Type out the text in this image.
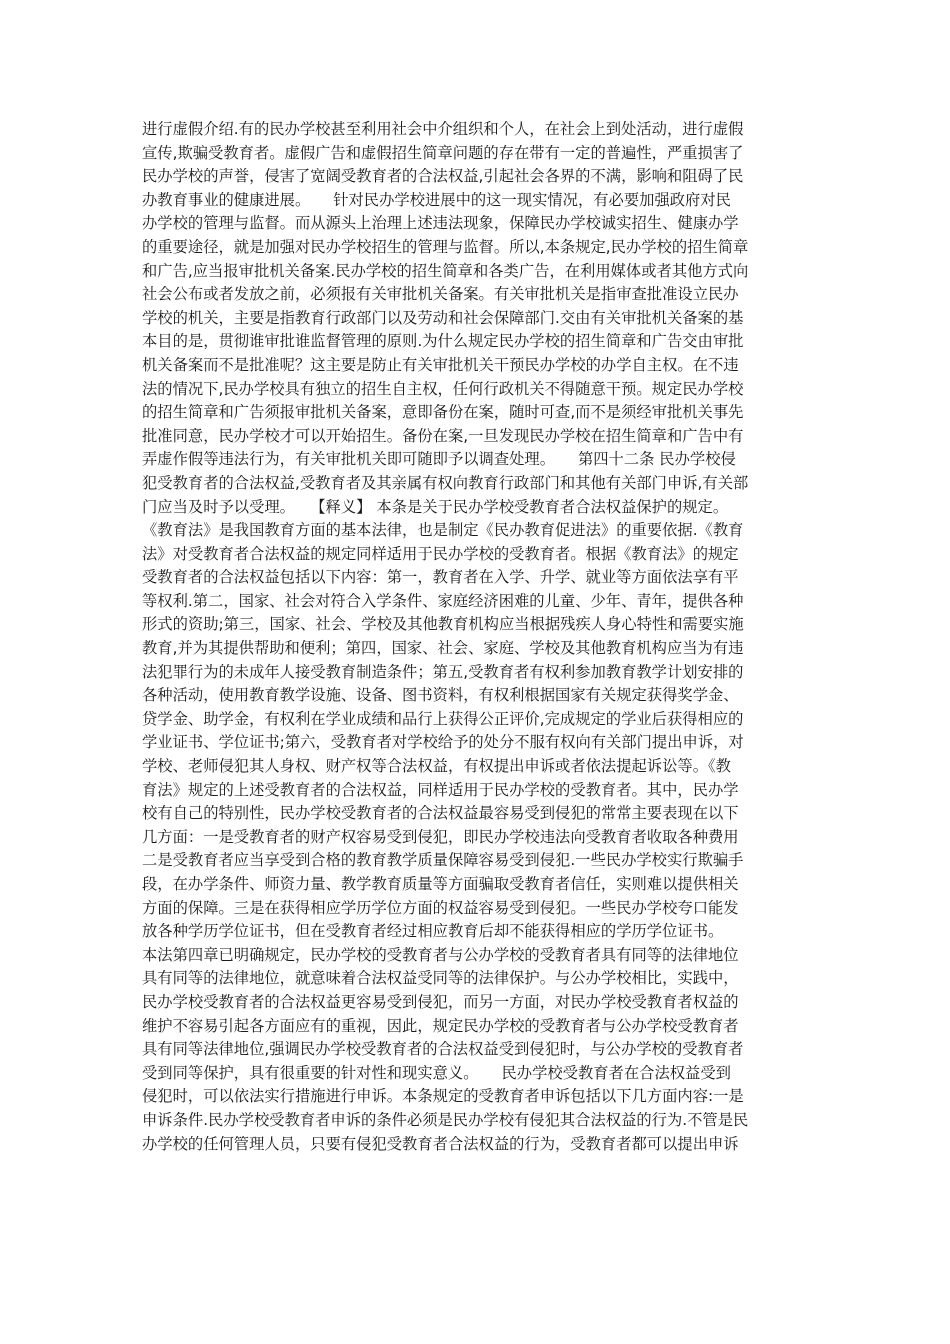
进行虚假介绍.有的民办学校甚至利用社会中介组织和个人，在社会上到处活动，进行虚假
宣传,欺骗受教育者。虚假广告和虚假招生简章问题的存在带有一定的普遍性，严重损害了
民办学校的声誉，侵害了宽阔受教育者的合法权益,引起社会各界的不满，影响和阻碍了民
办教育事业的健康进展。　　针对民办学校进展中的这一现实情况，有必要加强政府对民
办学校的管理与监督。而从源头上治理上述违法现象，保障民办学校诚实招生、健康办学
的重要途径，就是加强对民办学校招生的管理与监督。所以,本条规定,民办学校的招生简章
和广告,应当报审批机关备案.民办学校的招生简章和各类广告，在利用媒体或者其他方式向
社会公布或者发放之前，必须报有关审批机关备案。有关审批机关是指审查批准设立民办
学校的机关，主要是指教育行政部门以及劳动和社会保障部门.交由有关审批机关备案的基
本目的是，贯彻谁审批谁监督管理的原则.为什么规定民办学校的招生简章和广告交由审批
机关备案而不是批准呢？这主要是防止有关审批机关干预民办学校的办学自主权。在不违
法的情况下,民办学校具有独立的招生自主权，任何行政机关不得随意干预。规定民办学校
的招生简章和广告须报审批机关备案，意即备份在案，随时可查,而不是须经审批机关事先
批准同意，民办学校才可以开始招生。备份在案,一旦发现民办学校在招生简章和广告中有
弄虚作假等违法行为，有关审批机关即可随即予以调查处理。　　第四十二条 民办学校侵
犯受教育者的合法权益,受教育者及其亲属有权向教育行政部门和其他有关部门申诉,有关部
门应当及时予以受理。　　【释义】 本条是关于民办学校受教育者合法权益保护的规定。
《教育法》是我国教育方面的基本法律，也是制定《民办教育促进法》的重要依据.《教育
法》对受教育者合法权益的规定同样适用于民办学校的受教育者。根据《教育法》的规定
受教育者的合法权益包括以下内容：第一，教育者在入学、升学、就业等方面依法享有平
等权利.第二，国家、社会对符合入学条件、家庭经济困难的儿童、少年、青年，提供各种
形式的资助;第三，国家、社会、学校及其他教育机构应当根据残疾人身心特性和需要实施
教育,并为其提供帮助和便利；第四，国家、社会、家庭、学校及其他教育机构应当为有违
法犯罪行为的未成年人接受教育制造条件；第五,受教育者有权利参加教育教学计划安排的
各种活动，使用教育教学设施、设备、图书资料，有权利根据国家有关规定获得奖学金、
贷学金、助学金，有权利在学业成绩和品行上获得公正评价,完成规定的学业后获得相应的
学业证书、学位证书;第六，受教育者对学校给予的处分不服有权向有关部门提出申诉，对
学校、老师侵犯其人身权、财产权等合法权益，有权提出申诉或者依法提起诉讼等。《教
育法》规定的上述受教育者的合法权益，同样适用于民办学校的受教育者。其中，民办学
校有自己的特别性，民办学校受教育者的合法权益最容易受到侵犯的常常主要表现在以下
几方面：一是受教育者的财产权容易受到侵犯，即民办学校违法向受教育者收取各种费用
二是受教育者应当享受到合格的教育教学质量保障容易受到侵犯.一些民办学校实行欺骗手
段，在办学条件、师资力量、教学教育质量等方面骗取受教育者信任，实则难以提供相关
方面的保障。三是在获得相应学历学位方面的权益容易受到侵犯。一些民办学校夸口能发
放各种学历学位证书，但在受教育者经过相应教育后却不能获得相应的学历学位证书。
本法第四章已明确规定，民办学校的受教育者与公办学校的受教育者具有同等的法律地位
具有同等的法律地位，就意味着合法权益受同等的法律保护。与公办学校相比，实践中，
民办学校受教育者的合法权益更容易受到侵犯，而另一方面，对民办学校受教育者权益的
维护不容易引起各方面应有的重视，因此，规定民办学校的受教育者与公办学校受教育者
具有同等法律地位,强调民办学校受教育者的合法权益受到侵犯时，与公办学校的受教育者
受到同等保护，具有很重要的针对性和现实意义。　　民办学校受教育者在合法权益受到
侵犯时，可以依法实行措施进行申诉。本条规定的受教育者申诉包括以下几方面内容:一是
申诉条件.民办学校受教育者申诉的条件必须是民办学校有侵犯其合法权益的行为.不管是民
办学校的任何管理人员，只要有侵犯受教育者合法权益的行为，受教育者都可以提出申诉
